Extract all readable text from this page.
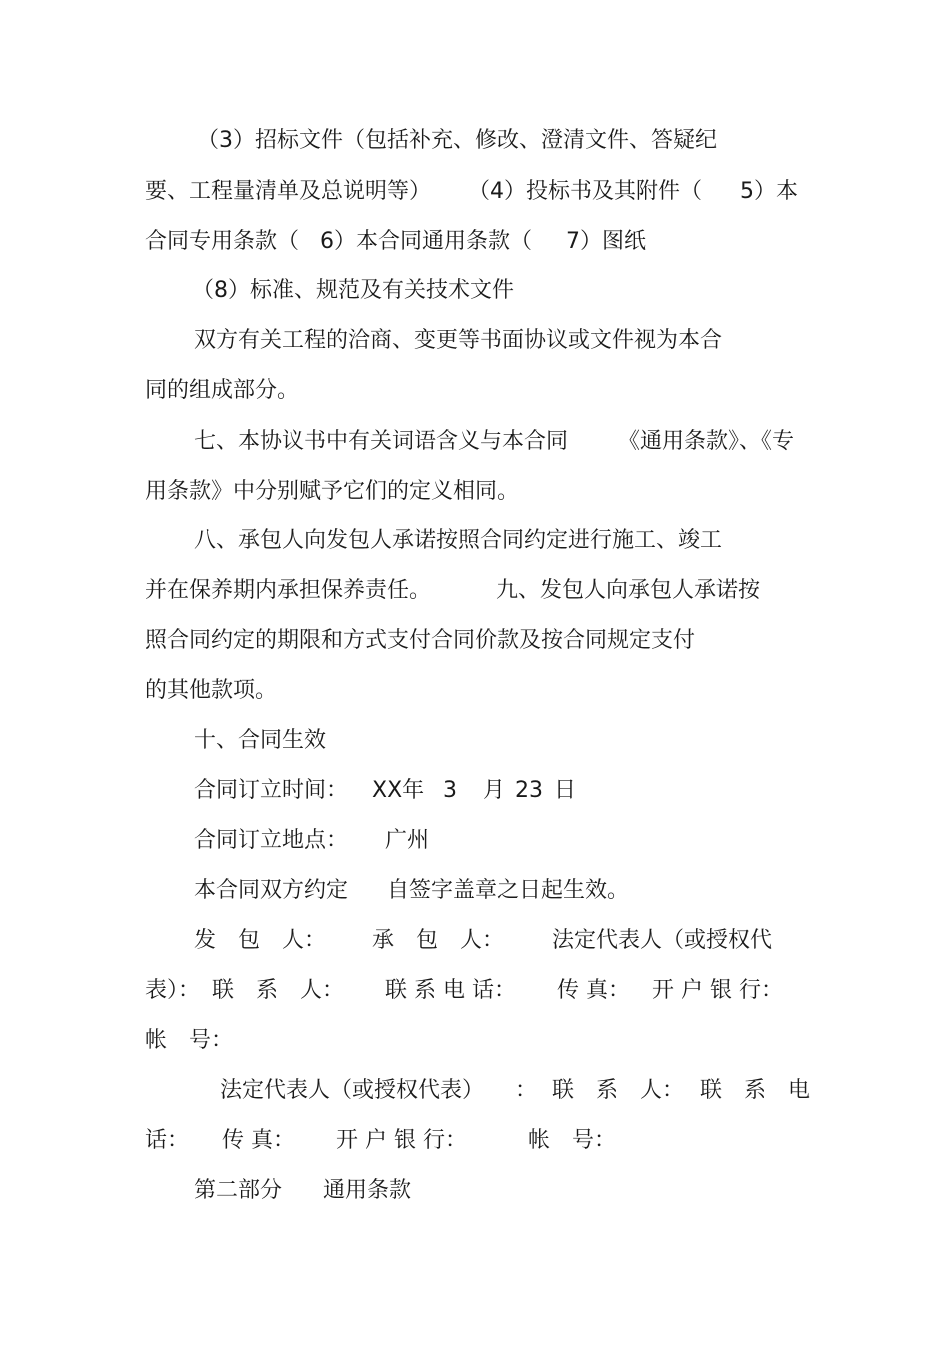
（3）招标文件（包括补充、修改、澄清文件、答疑纪
要、工程量清单及总说明等） （4）投标书及其附件（ 5）本
合同专用条款（ 6）本合同通用条款（ 7）图纸
（8）标准、规范及有关技术文件
双方有关工程的洽商、变更等书面协议或文件视为本合
同的组成部分。
七、本协议书中有关词语含义与本合同 《通用条款》、《专
用条款》中分别赋予它们的定义相同。
八、承包人向发包人承诺按照合同约定进行施工、竣工
并在保养期内承担保养责任。	九、发包人向承包人承诺按
照合同约定的期限和方式支付合同价款及按合同规定支付
的其他款项。
十、合同生效
合同订立时间： XX年 3 月 23 日
合同订立地点： 广州
本合同双方约定 自签字盖章之日起生效。
发　包　人： 承　包　人： 法定代表人（或授权代
表）： 联　系　人： 联 系 电 话： 传 真： 开 户 银 行：
帐　号：
法定代表人（或授权代表） ： 联　系　人： 联　系　电
话： 传 真： 开 户 银 行：	帐　号：
第二部分 通用条款
